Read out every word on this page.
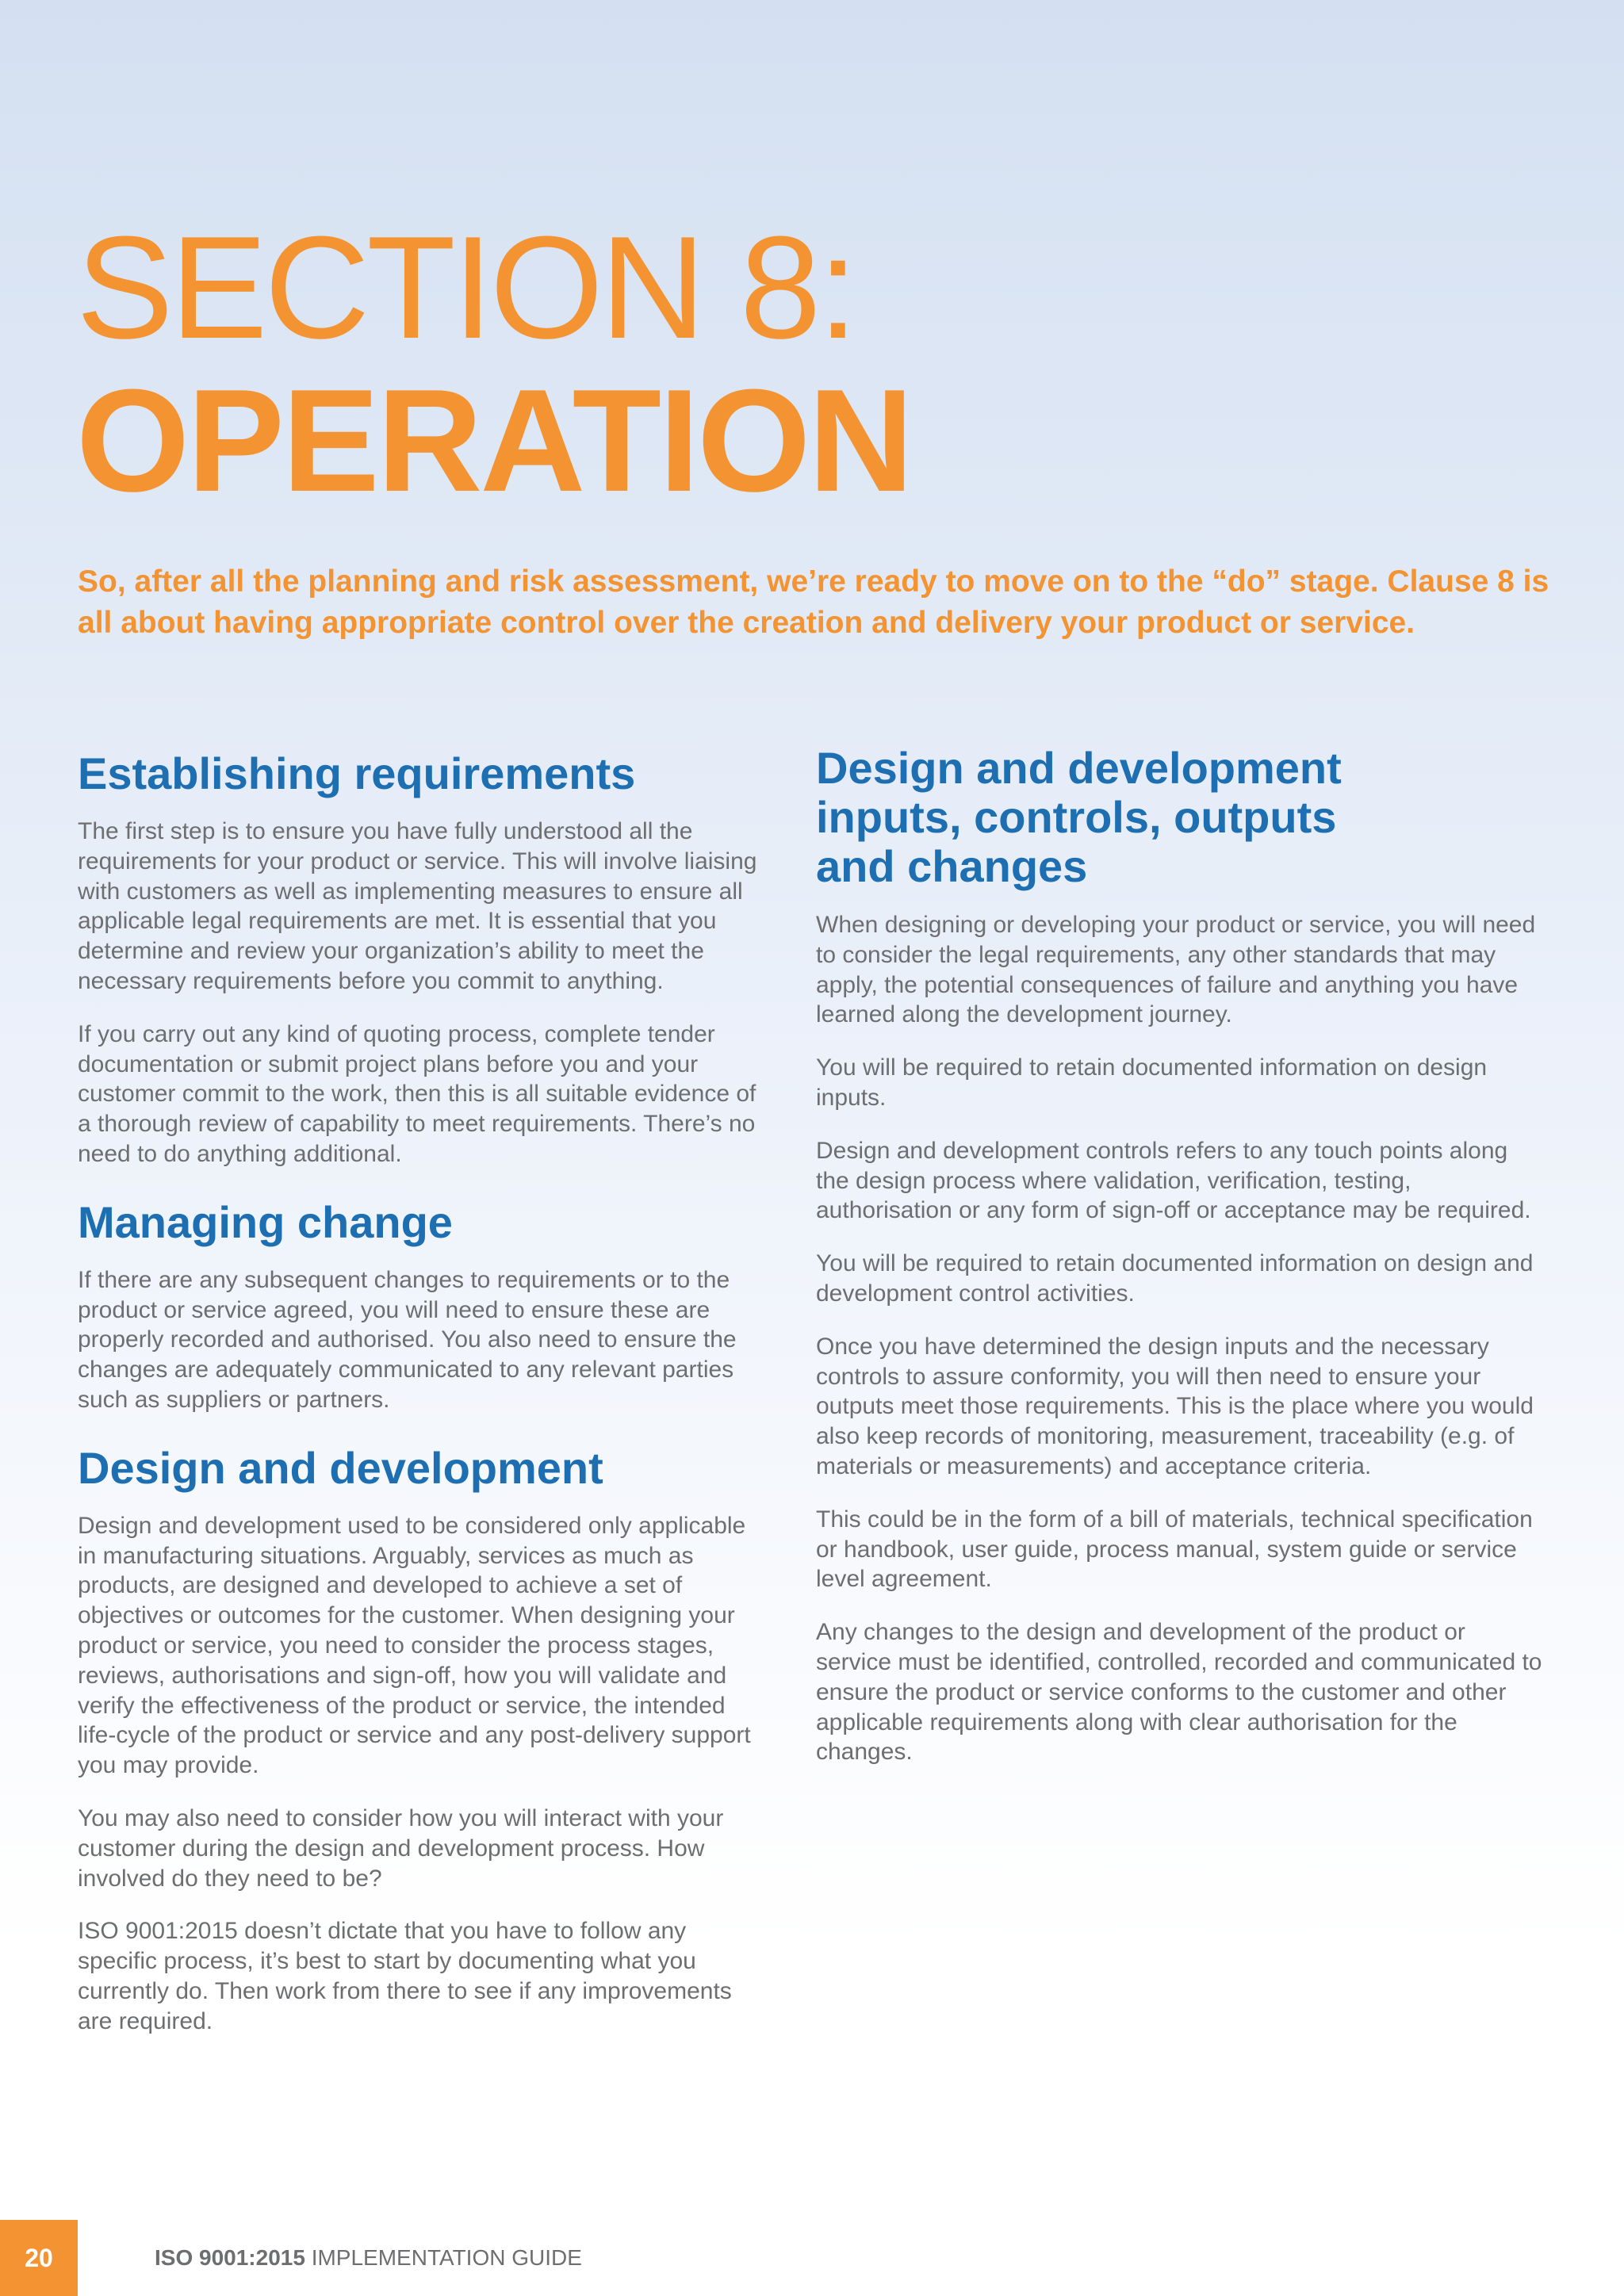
SECTION 8:
OPERATION

So, after all the planning and risk assessment, we’re ready to move on to the “do” stage. Clause 8 is all about having appropriate control over the creation and delivery your product or service.

Establishing requirements

The first step is to ensure you have fully understood all the requirements for your product or service. This will involve liaising with customers as well as implementing measures to ensure all applicable legal requirements are met. It is essential that you determine and review your organization’s ability to meet the necessary requirements before you commit to anything.

If you carry out any kind of quoting process, complete tender documentation or submit project plans before you and your customer commit to the work, then this is all suitable evidence of a thorough review of capability to meet requirements. There’s no need to do anything additional.

Managing change

If there are any subsequent changes to requirements or to the product or service agreed, you will need to ensure these are properly recorded and authorised. You also need to ensure the changes are adequately communicated to any relevant parties such as suppliers or partners.

Design and development

Design and development used to be considered only applicable in manufacturing situations. Arguably, services as much as products, are designed and developed to achieve a set of objectives or outcomes for the customer. When designing your product or service, you need to consider the process stages, reviews, authorisations and sign-off, how you will validate and verify the effectiveness of the product or service, the intended life-cycle of the product or service and any post-delivery support you may provide.

You may also need to consider how you will interact with your customer during the design and development process. How involved do they need to be?

ISO 9001:2015 doesn’t dictate that you have to follow any specific process, it’s best to start by documenting what you currently do. Then work from there to see if any improvements are required.

Design and development
inputs, controls, outputs
and changes

When designing or developing your product or service, you will need to consider the legal requirements, any other standards that may apply, the potential consequences of failure and anything you have learned along the development journey.

You will be required to retain documented information on design inputs.

Design and development controls refers to any touch points along the design process where validation, verification, testing, authorisation or any form of sign-off or acceptance may be required.

You will be required to retain documented information on design and development control activities.

Once you have determined the design inputs and the necessary controls to assure conformity, you will then need to ensure your outputs meet those requirements. This is the place where you would also keep records of monitoring, measurement, traceability (e.g. of materials or measurements) and acceptance criteria.

This could be in the form of a bill of materials, technical specification or handbook, user guide, process manual, system guide or service level agreement.

Any changes to the design and development of the product or service must be identified, controlled, recorded and communicated to ensure the product or service conforms to the customer and other applicable requirements along with clear authorisation for the changes.

20	ISO 9001:2015 IMPLEMENTATION GUIDE
